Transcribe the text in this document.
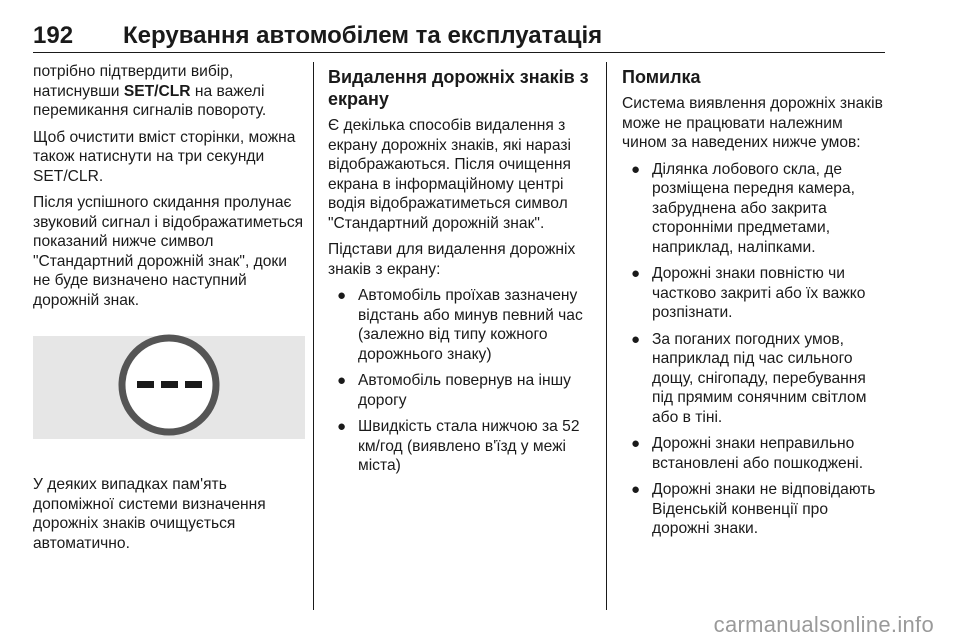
192 Керування автомобілем та експлуатація

потрібно підтвердити вибір, натиснувши SET/CLR на важелі перемикання сигналів повороту.

Щоб очистити вміст сторінки, можна також натиснути на три секунди SET/CLR.

Після успішного скидання пролунає звуковий сигнал і відображатиметься показаний нижче символ "Стандартний дорожній знак", доки не буде визначено наступний дорожній знак.

У деяких випадках пам'ять допоміжної системи визначення дорожніх знаків очищується автоматично.

Видалення дорожніх знаків з екрану

Є декілька способів видалення з екрану дорожніх знаків, які наразі відображаються. Після очищення екрана в інформаційному центрі водія відображатиметься символ "Стандартний дорожній знак".

Підстави для видалення дорожніх знаків з екрану:

● Автомобіль проїхав зазначену відстань або минув певний час (залежно від типу кожного дорожнього знаку)
● Автомобіль повернув на іншу дорогу
● Швидкість стала нижчою за 52 км/год (виявлено в'їзд у межі міста)
Помилка

Система виявлення дорожніх знаків може не працювати належним чином за наведених нижче умов:

● Ділянка лобового скла, де розміщена передня камера, забруднена або закрита сторонніми предметами, наприклад, наліпками.
● Дорожні знаки повністю чи частково закриті або їх важко розпізнати.
● За поганих погодних умов, наприклад під час сильного дощу, снігопаду, перебування під прямим сонячним світлом або в тіні.
● Дорожні знаки неправильно встановлені або пошкоджені.
● Дорожні знаки не відповідають Віденській конвенції про дорожні знаки.
carmanualsonline.info
